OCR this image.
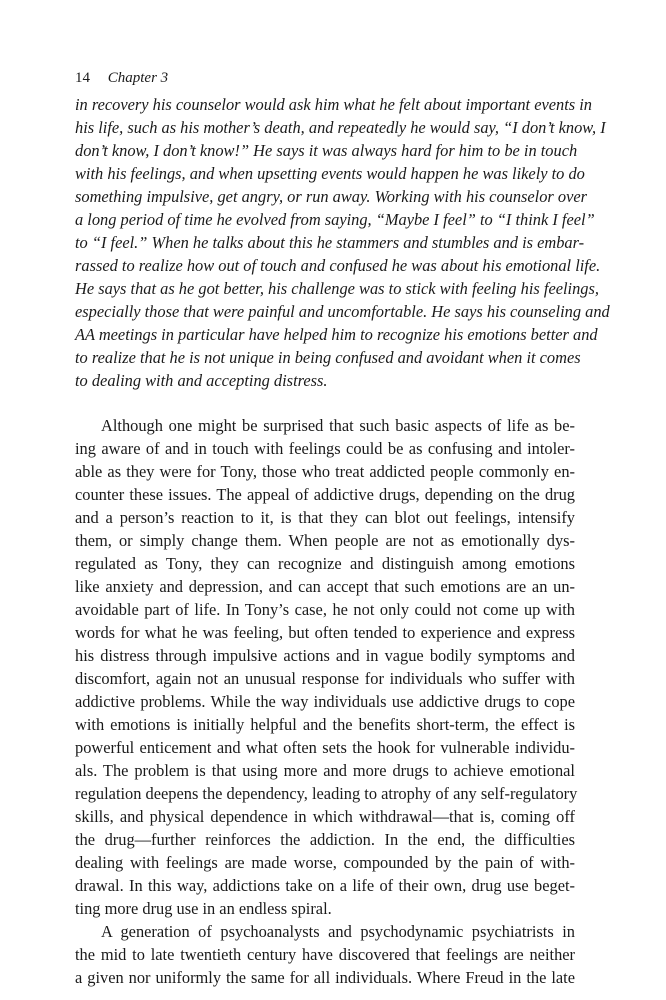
14 Chapter 3
in recovery his counselor would ask him what he felt about important events in
his life, such as his mother’s death, and repeatedly he would say, “I don’t know, I
don’t know, I don’t know!” He says it was always hard for him to be in touch
with his feelings, and when upsetting events would happen he was likely to do
something impulsive, get angry, or run away. Working with his counselor over
a long period of time he evolved from saying, “Maybe I feel” to “I think I feel”
to “I feel.” When he talks about this he stammers and stumbles and is embar-
rassed to realize how out of touch and confused he was about his emotional life.
He says that as he got better, his challenge was to stick with feeling his feelings,
especially those that were painful and uncomfortable. He says his counseling and
AA meetings in particular have helped him to recognize his emotions better and
to realize that he is not unique in being confused and avoidant when it comes
to dealing with and accepting distress.
Although one might be surprised that such basic aspects of life as be-
ing aware of and in touch with feelings could be as confusing and intoler-
able as they were for Tony, those who treat addicted people commonly en-
counter these issues. The appeal of addictive drugs, depending on the drug
and a person’s reaction to it, is that they can blot out feelings, intensify
them, or simply change them. When people are not as emotionally dys-
regulated as Tony, they can recognize and distinguish among emotions
like anxiety and depression, and can accept that such emotions are an un-
avoidable part of life. In Tony’s case, he not only could not come up with
words for what he was feeling, but often tended to experience and express
his distress through impulsive actions and in vague bodily symptoms and
discomfort, again not an unusual response for individuals who suffer with
addictive problems. While the way individuals use addictive drugs to cope
with emotions is initially helpful and the benefits short-term, the effect is
powerful enticement and what often sets the hook for vulnerable individu-
als. The problem is that using more and more drugs to achieve emotional
regulation deepens the dependency, leading to atrophy of any self-regulatory
skills, and physical dependence in which withdrawal—that is, coming off
the drug—further reinforces the addiction. In the end, the difficulties
dealing with feelings are made worse, compounded by the pain of with-
drawal. In this way, addictions take on a life of their own, drug use beget-
ting more drug use in an endless spiral.
A generation of psychoanalysts and psychodynamic psychiatrists in
the mid to late twentieth century have discovered that feelings are neither
a given nor uniformly the same for all individuals. Where Freud in the late
